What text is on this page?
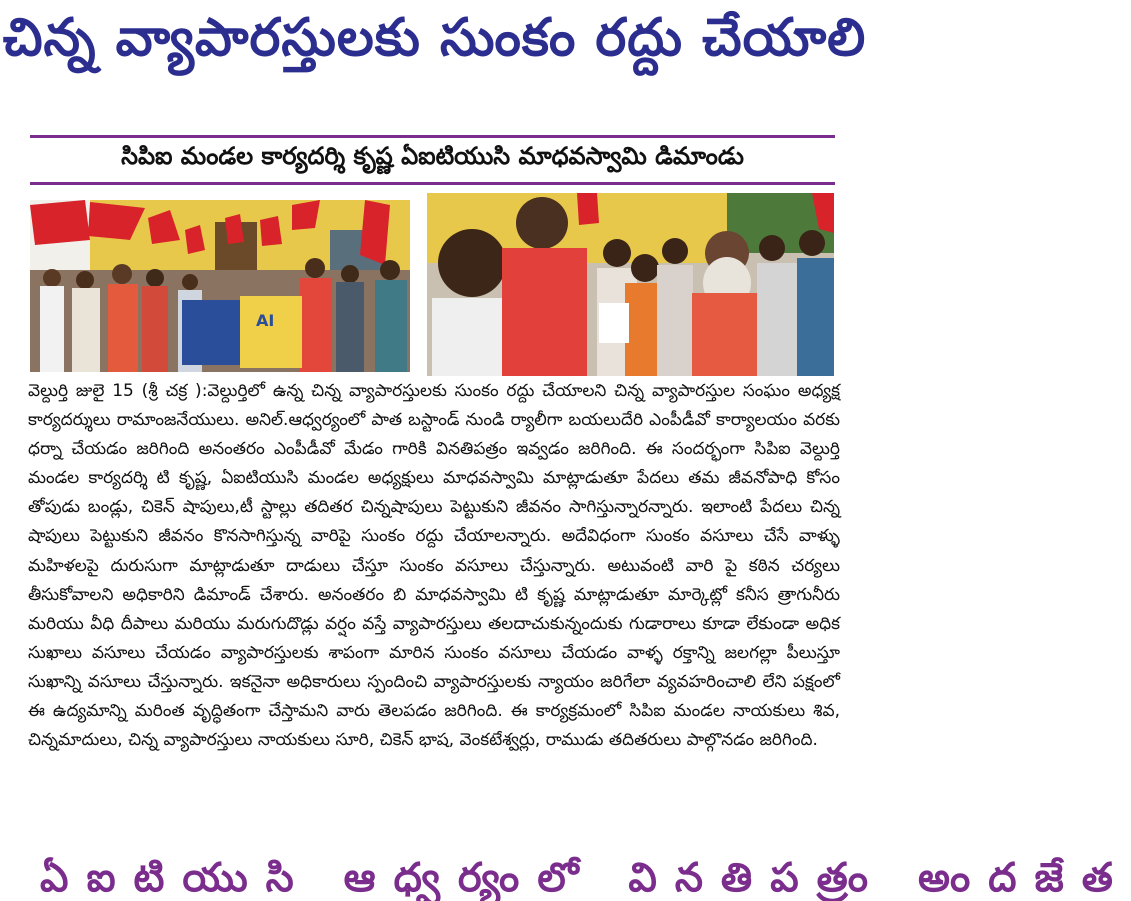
చిన్న వ్యాపారస్తులకు సుంకం రద్దు చేయాలి
సిపిఐ మండల కార్యదర్శి కృష్ణ ఏఐటియుసి మాధవస్వామి డిమాండు
AI

వెల్దుర్తి జులై 15 (శ్రీ చక్ర ):వెల్దుర్తిలో ఉన్న చిన్న వ్యాపారస్తులకు సుంకం రద్దు చేయాలని చిన్న వ్యాపారస్తుల సంఘం అధ్యక్ష కార్యదర్శులు రామాంజనేయులు. అనిల్.ఆధ్వర్యంలో పాత బస్టాండ్ నుండి ర్యాలీగా బయలుదేరి ఎంపీడీవో కార్యాలయం వరకు ధర్నా చేయడం జరిగింది అనంతరం ఎంపీడీవో మేడం గారికి వినతిపత్రం ఇవ్వడం జరిగింది. ఈ సందర్భంగా సిపిఐ వెల్దుర్తి మండల కార్యదర్శి టి కృష్ణ, ఏఐటియుసి మండల అధ్యక్షులు మాధవస్వామి మాట్లాడుతూ పేదలు తమ జీవనోపాధి కోసం తోపుడు బండ్లు, చికెన్ షాపులు,టీ స్టాల్లు తదితర చిన్నషాపులు పెట్టుకుని జీవనం సాగిస్తున్నారన్నారు. ఇలాంటి పేదలు చిన్న షాపులు పెట్టుకుని జీవనం కొనసాగిస్తున్న వారిపై సుంకం రద్దు చేయాలన్నారు. అదేవిధంగా సుంకం వసూలు చేసే వాళ్ళు మహిళలపై దురుసుగా మాట్లాడుతూ దాడులు చేస్తూ సుంకం వసూలు చేస్తున్నారు. అటువంటి వారి పై కఠిన చర్యలు తీసుకోవాలని అధికారిని డిమాండ్ చేశారు. అనంతరం బి మాధవస్వామి టి కృష్ణ మాట్లాడుతూ మార్కెట్లో కనీస త్రాగునీరు మరియు వీధి దీపాలు మరియు మరుగుదొడ్లు వర్షం వస్తే వ్యాపారస్తులు తలదాచుకున్నందుకు గుడారాలు కూడా లేకుండా అధిక సుఖాలు వసూలు చేయడం వ్యాపారస్తులకు శాపంగా మారిన సుంకం వసూలు చేయడం వాళ్ళ రక్తాన్ని జలగల్లా పీలుస్తూ సుఖాన్ని వసూలు చేస్తున్నారు. ఇకనైనా అధికారులు స్పందించి వ్యాపారస్తులకు న్యాయం జరిగేలా వ్యవహరించాలి లేని పక్షంలో ఈ ఉద్యమాన్ని మరింత వృద్ధితంగా చేస్తామని వారు తెలపడం జరిగింది. ఈ కార్యక్రమంలో సిపిఐ మండల నాయకులు శివ, చిన్నమాదులు, చిన్న వ్యాపారస్తులు నాయకులు సూరి, చికెన్ భాష, వెంకటేశ్వర్లు, రాముడు తదితరులు పాల్గొనడం జరిగింది.

ఏఐటియుసి ఆధ్వర్యంలో వినతిపత్రం అందజేత
